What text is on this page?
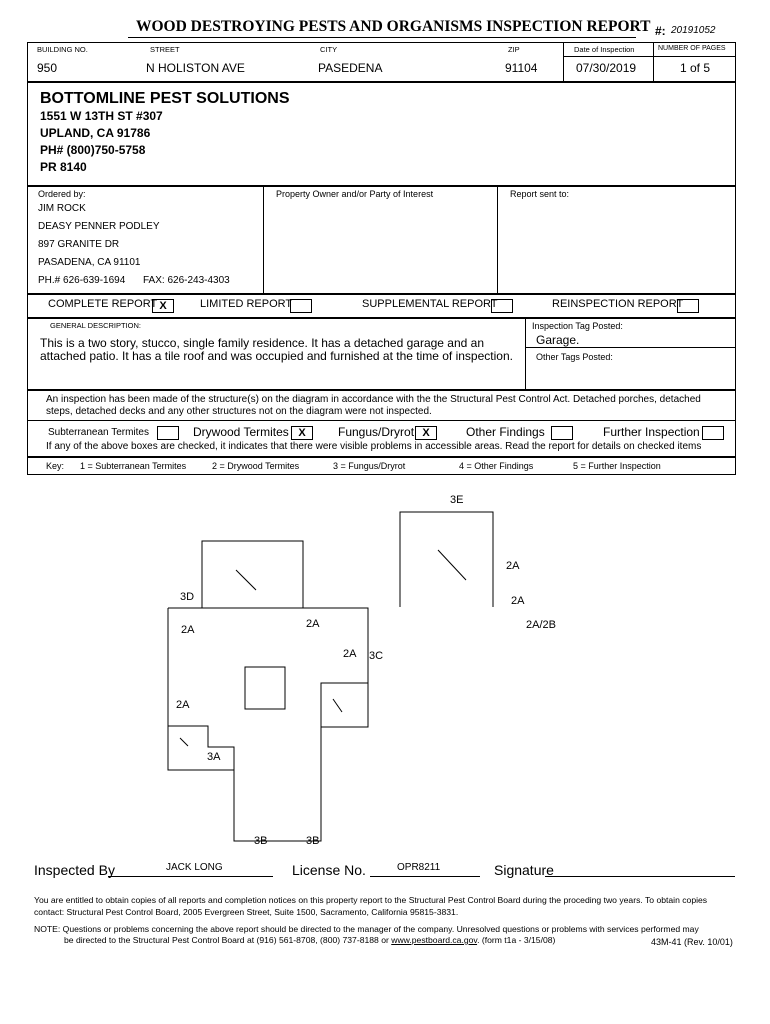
WOOD DESTROYING PESTS AND ORGANISMS INSPECTION REPORT #: 20191052
BUILDING NO.	STREET	CITY	ZIP	Date of Inspection	NUMBER OF PAGES
950	N HOLISTON AVE	PASEDENA	91104	07/30/2019	1 of 5
BOTTOMLINE PEST SOLUTIONS
1551 W 13TH ST #307
UPLAND, CA 91786
PH# (800)750-5758
PR 8140
Ordered by:	Property Owner and/or Party of Interest	Report sent to:
JIM ROCK
DEASY PENNER PODLEY
897 GRANITE DR
PASADENA, CA 91101
PH.# 626-639-1694 FAX: 626-243-4303
COMPLETE REPORT X	LIMITED REPORT	SUPPLEMENTAL REPORT	REINSPECTION REPORT
GENERAL DESCRIPTION:
This is a two story, stucco, single family residence. It has a detached garage and an
attached patio. It has a tile roof and was occupied and furnished at the time of inspection.
Inspection Tag Posted:
Garage.
Other Tags Posted:
An inspection has been made of the structure(s) on the diagram in accordance with the the Structural Pest Control Act. Detached porches, detached
steps, detached decks and any other structures not on the diagram were not inspected.
Subterranean Termites	Drywood Termites X	Fungus/Dryrot X	Other Findings	Further Inspection
If any of the above boxes are checked, it indicates that there were visible problems in accessible areas. Read the report for details on checked items
Key: 1 = Subterranean Termites	2 = Drywood Termites	3 = Fungus/Dryrot	4 = Other Findings	5 = Further Inspection
3E
2A
2A
2A/2B
3D
2A	2A
2A 3C
2A
3A
3B	3B
Inspected By	JACK LONG	License No.	OPR8211	Signature
You are entitled to obtain copies of all reports and completion notices on this property report to the Structural Pest Control Board during the proceding two years. To obtain copies
contact: Structural Pest Control Board, 2005 Evergreen Street, Suite 1500, Sacramento, California 95815-3831.
NOTE: Questions or problems concerning the above report should be directed to the manager of the company. Unresolved questions or problems with services performed may
be directed to the Structural Pest Control Board at (916) 561-8708, (800) 737-8188 or www.pestboard.ca.gov. (form t1a - 3/15/08)	43M-41 (Rev. 10/01)
